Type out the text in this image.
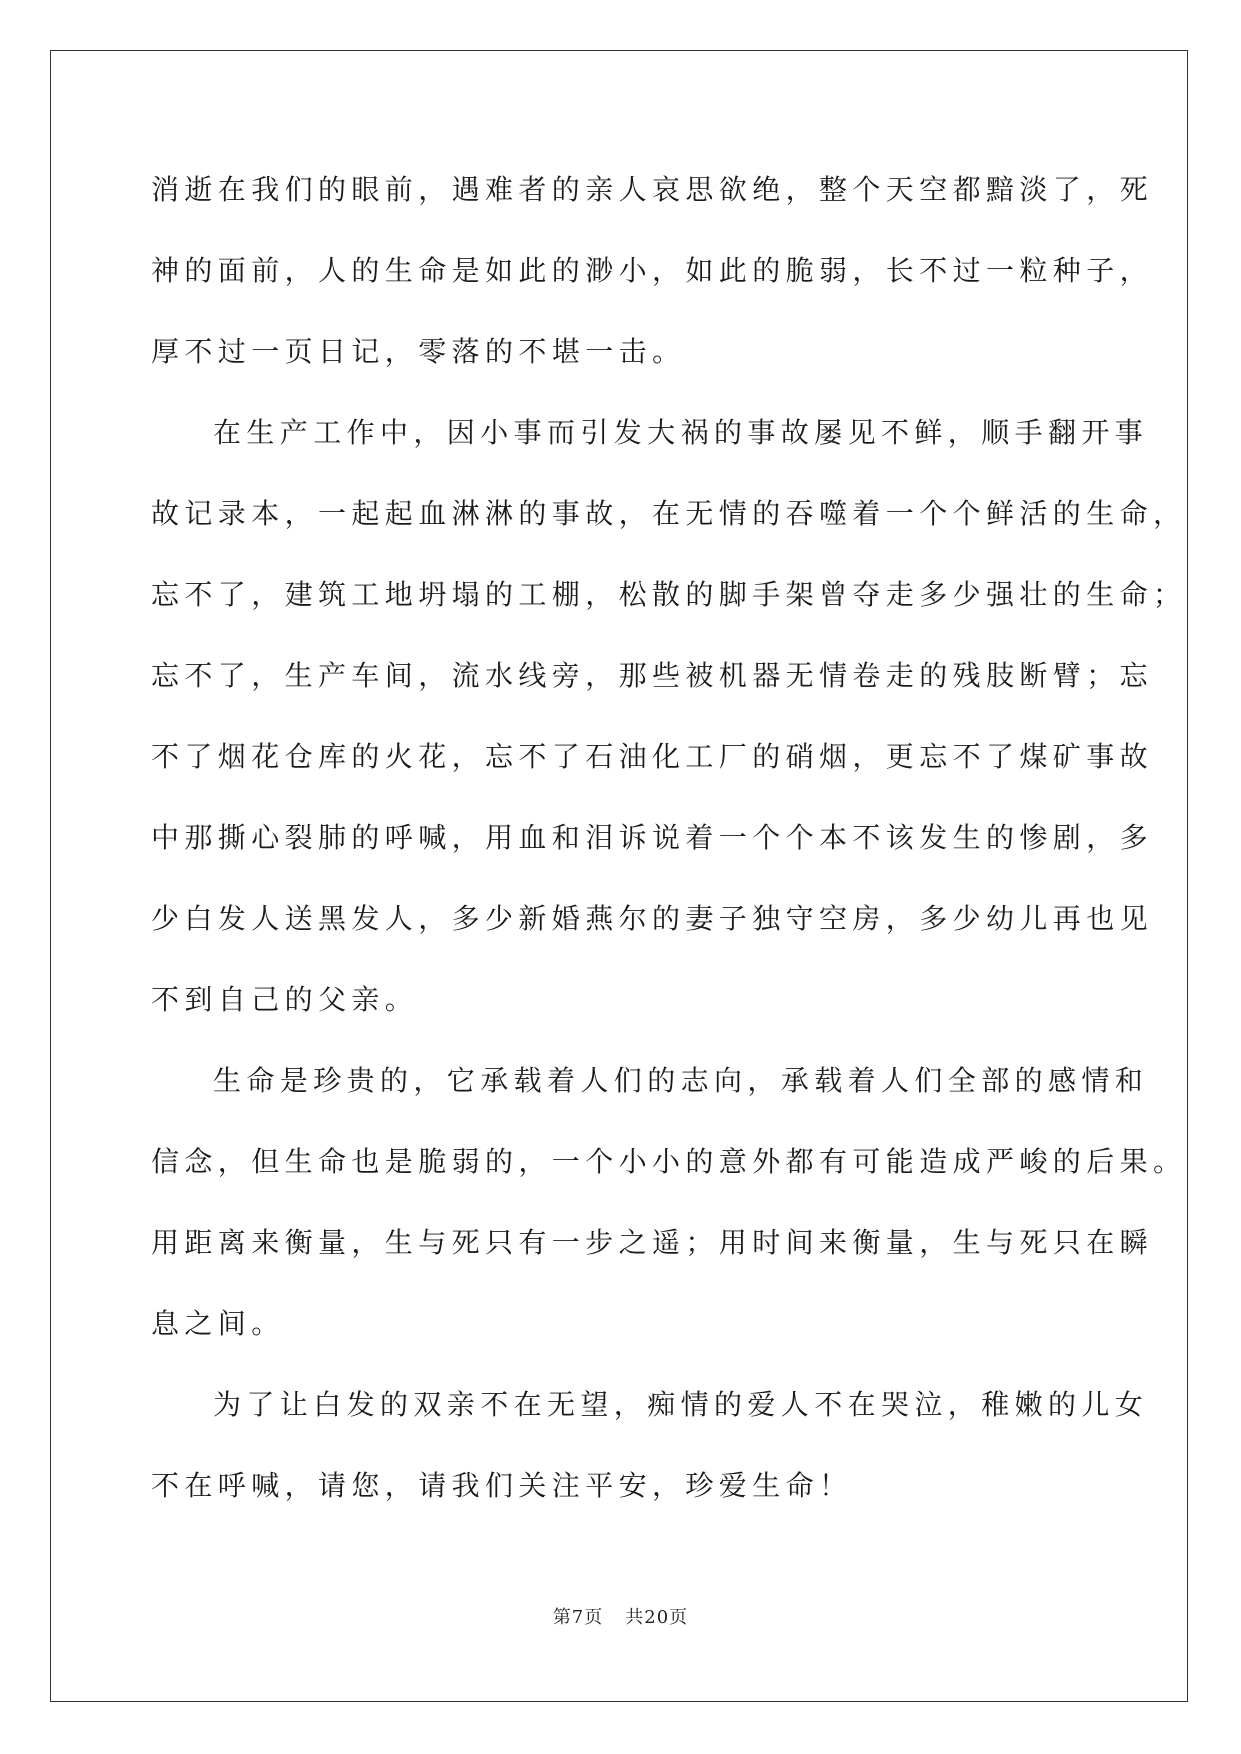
消逝在我们的眼前，遇难者的亲人哀思欲绝，整个天空都黯淡了，死
神的面前，人的生命是如此的渺小，如此的脆弱，长不过一粒种子，
厚不过一页日记，零落的不堪一击。
在生产工作中，因小事而引发大祸的事故屡见不鲜，顺手翻开事
故记录本，一起起血淋淋的事故，在无情的吞噬着一个个鲜活的生命，
忘不了，建筑工地坍塌的工棚，松散的脚手架曾夺走多少强壮的生命；
忘不了，生产车间，流水线旁，那些被机器无情卷走的残肢断臂；忘
不了烟花仓库的火花，忘不了石油化工厂的硝烟，更忘不了煤矿事故
中那撕心裂肺的呼喊，用血和泪诉说着一个个本不该发生的惨剧，多
少白发人送黑发人，多少新婚燕尔的妻子独守空房，多少幼儿再也见
不到自己的父亲。
生命是珍贵的，它承载着人们的志向，承载着人们全部的感情和
信念，但生命也是脆弱的，一个小小的意外都有可能造成严峻的后果。
用距离来衡量，生与死只有一步之遥；用时间来衡量，生与死只在瞬
息之间。
为了让白发的双亲不在无望，痴情的爱人不在哭泣，稚嫩的儿女
不在呼喊，请您，请我们关注平安，珍爱生命！
第7页 共20页
